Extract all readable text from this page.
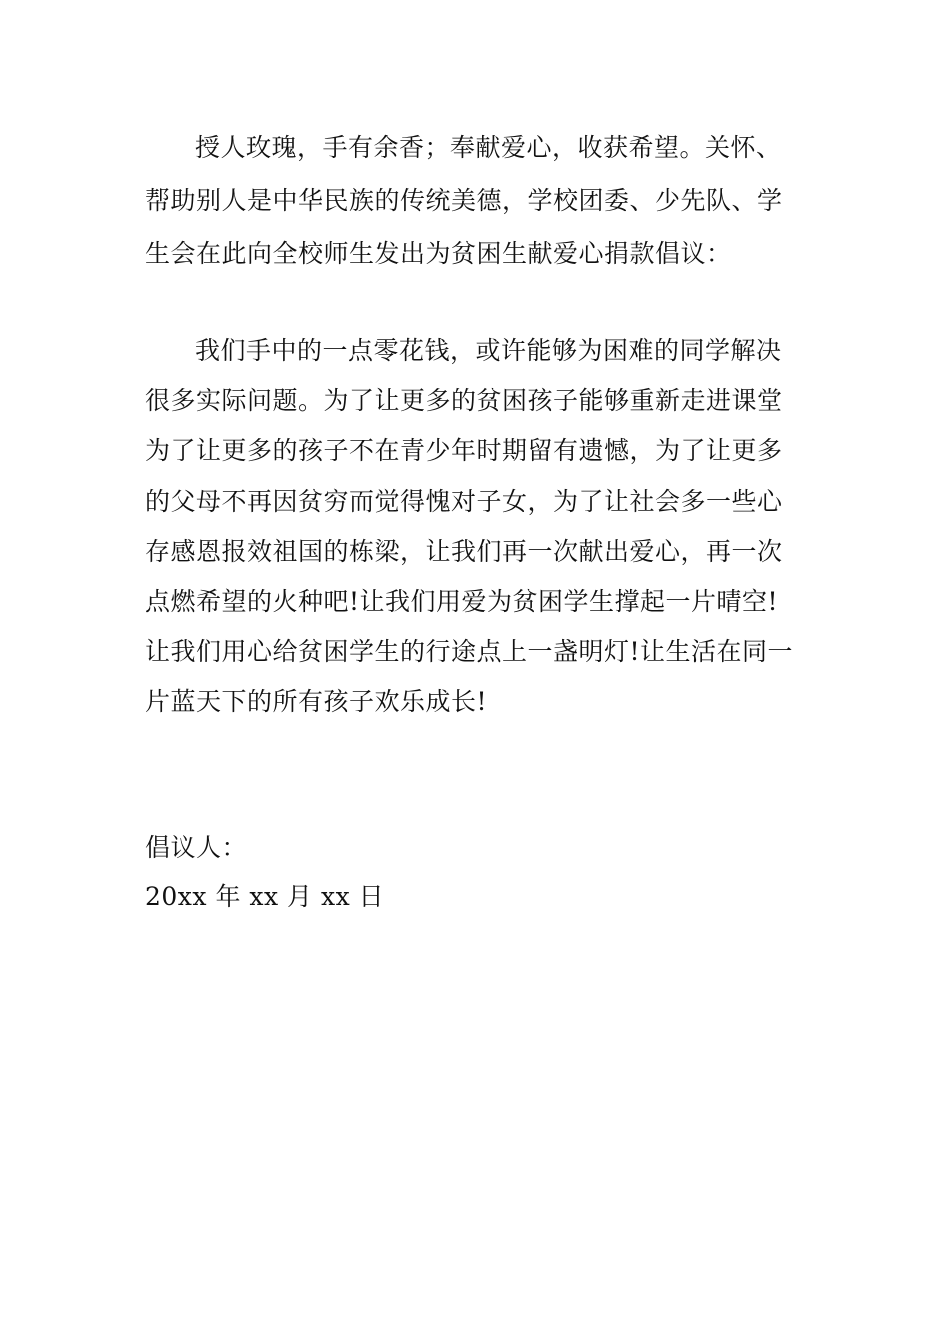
授人玫瑰，手有余香；奉献爱心，收获希望。关怀、
帮助别人是中华民族的传统美德，学校团委、少先队、学
生会在此向全校师生发出为贫困生献爱心捐款倡议：
我们手中的一点零花钱，或许能够为困难的同学解决
很多实际问题。为了让更多的贫困孩子能够重新走进课堂
为了让更多的孩子不在青少年时期留有遗憾，为了让更多
的父母不再因贫穷而觉得愧对子女，为了让社会多一些心
存感恩报效祖国的栋梁，让我们再一次献出爱心，再一次
点燃希望的火种吧!让我们用爱为贫困学生撑起一片晴空!
让我们用心给贫困学生的行途点上一盏明灯!让生活在同一
片蓝天下的所有孩子欢乐成长!
倡议人：
20xx 年 xx 月 xx 日
